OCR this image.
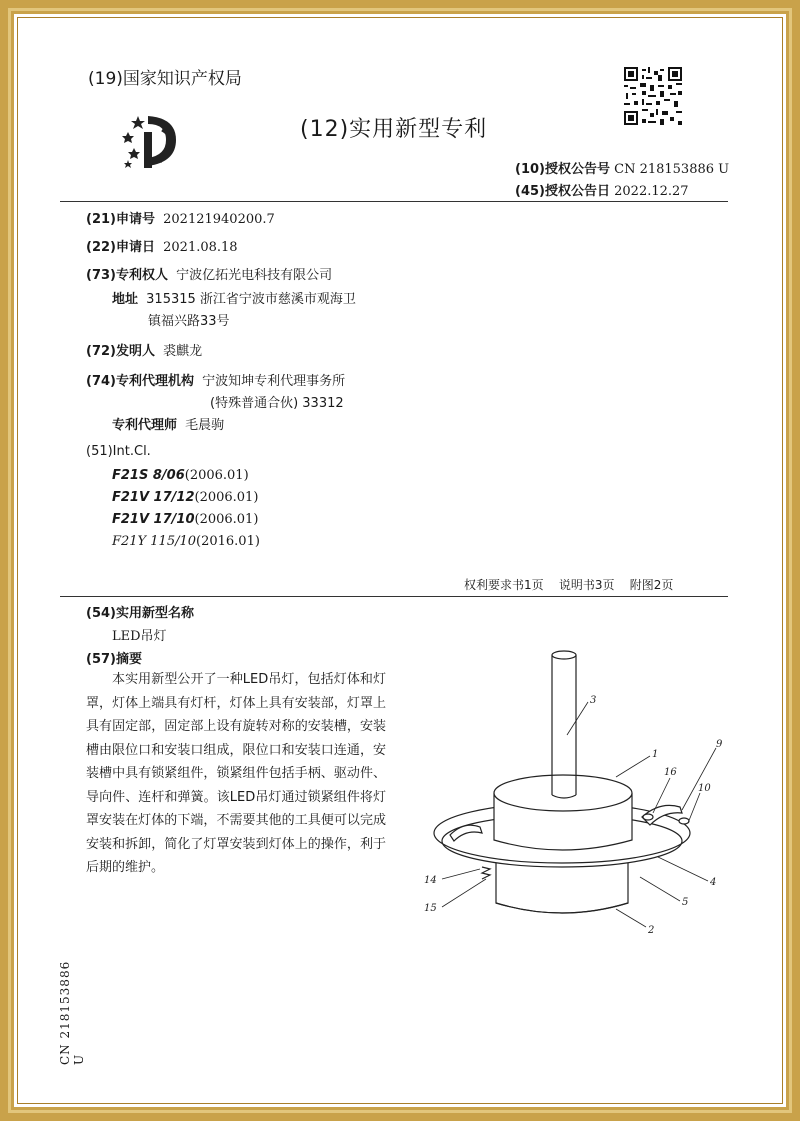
(19)国家知识产权局
(12)实用新型专利
(10)授权公告号 CN 218153886 U
(45)授权公告日 2022.12.27
(21)申请号 202121940200.7
(22)申请日 2021.08.18
(73)专利权人 宁波亿拓光电科技有限公司
地址 315315 浙江省宁波市慈溪市观海卫
镇福兴路33号
(72)发明人 裘麒龙
(74)专利代理机构 宁波知坤专利代理事务所
(特殊普通合伙) 33312
专利代理师 毛晨驹
(51)Int.Cl.
F21S 8/06(2006.01)
F21V 17/12(2006.01)
F21V 17/10(2006.01)
F21Y 115/10(2016.01)
权利要求书1页    说明书3页    附图2页
(54)实用新型名称
LED吊灯
(57)摘要
本实用新型公开了一种LED吊灯，包括灯体和灯罩，灯体上端具有灯杆，灯体上具有安装部，灯罩上具有固定部，固定部上设有旋转对称的安装槽，安装槽由限位口和安装口组成，限位口和安装口连通，安装槽中具有锁紧组件，锁紧组件包括手柄、驱动件、导向件、连杆和弹簧。该LED吊灯通过锁紧组件将灯罩安装在灯体的下端，不需要其他的工具便可以完成安装和拆卸，简化了灯罩安装到灯体上的操作，利于后期的维护。
3
1
9
16
10
4
5
2
14
15
CN 218153886 U
